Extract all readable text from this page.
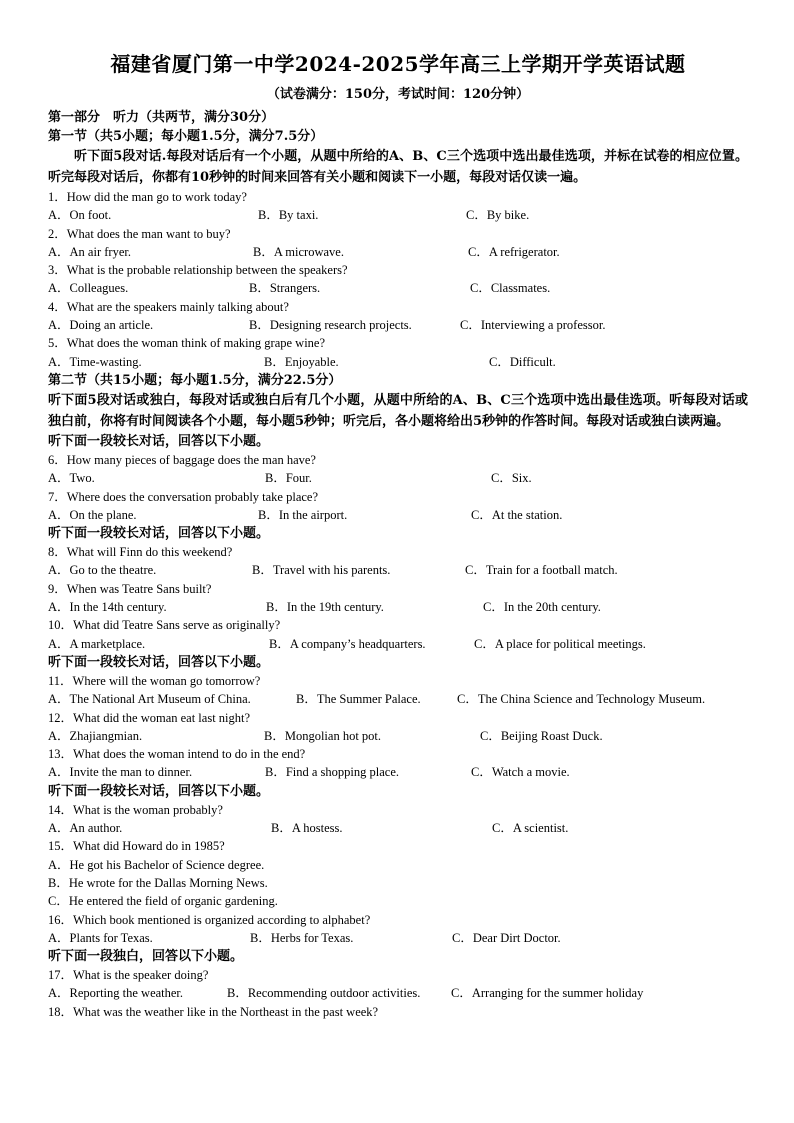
福建省厦门第一中学2024-2025学年高三上学期开学英语试题
（试卷满分：150分，考试时间：120分钟）
第一部分　听力（共两节，满分30分）
第一节（共5小题；每小题1.5分，满分7.5分）
听下面5段对话.每段对话后有一个小题，从题中所给的A、B、C三个选项中选出最佳选项，并标在试卷的相应位置。听完每段对话后，你都有10秒钟的时间来回答有关小题和阅读下一小题，每段对话仅读一遍。
1．How did the man go to work today?
A．On foot.	B．By taxi.	C．By bike.
2．What does the man want to buy?
A．An air fryer.	B．A microwave.	C．A refrigerator.
3．What is the probable relationship between the speakers?
A．Colleagues.	B．Strangers.	C．Classmates.
4．What are the speakers mainly talking about?
A．Doing an article.	B．Designing research projects.	C．Interviewing a professor.
5．What does the woman think of making grape wine?
A．Time-wasting.	B．Enjoyable.	C．Difficult.
第二节（共15小题；每小题1.5分，满分22.5分）
听下面5段对话或独白，每段对话或独白后有几个小题，从题中所给的A、B、C三个选项中选出最佳选项。听每段对话或独白前，你将有时间阅读各个小题，每小题5秒钟；听完后，各小题将给出5秒钟的作答时间。每段对话或独白读两遍。
听下面一段较长对话，回答以下小题。
6．How many pieces of baggage does the man have?
A．Two.	B．Four.	C．Six.
7．Where does the conversation probably take place?
A．On the plane.	B．In the airport.	C．At the station.
听下面一段较长对话，回答以下小题。
8．What will Finn do this weekend?
A．Go to the theatre.	B．Travel with his parents.	C．Train for a football match.
9．When was Teatre Sans built?
A．In the 14th century.	B．In the 19th century.	C．In the 20th century.
10．What did Teatre Sans serve as originally?
A．A marketplace.	B．A company’s headquarters.	C．A place for political meetings.
听下面一段较长对话，回答以下小题。
11．Where will the woman go tomorrow?
A．The National Art Museum of China.	B．The Summer Palace.	C．The China Science and Technology Museum.
12．What did the woman eat last night?
A．Zhajiangmian.	B．Mongolian hot pot.	C．Beijing Roast Duck.
13．What does the woman intend to do in the end?
A．Invite the man to dinner.	B．Find a shopping place.	C．Watch a movie.
听下面一段较长对话，回答以下小题。
14．What is the woman probably?
A．An author.	B．A hostess.	C．A scientist.
15．What did Howard do in 1985?
A．He got his Bachelor of Science degree.
B．He wrote for the Dallas Morning News.
C．He entered the field of organic gardening.
16．Which book mentioned is organized according to alphabet?
A．Plants for Texas.	B．Herbs for Texas.	C．Dear Dirt Doctor.
听下面一段独白，回答以下小题。
17．What is the speaker doing?
A．Reporting the weather.	B．Recommending outdoor activities. C．Arranging for the summer holiday
18．What was the weather like in the Northeast in the past week?
